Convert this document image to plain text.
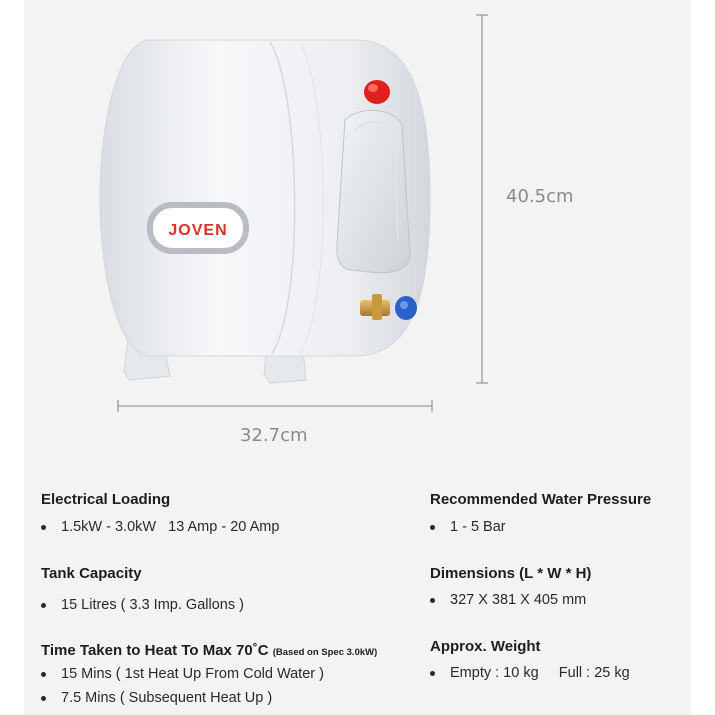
JOVEN
40.5cm
32.7cm

Electrical Loading

1.5kW - 3.0kW   13 Amp - 20 Amp

Tank Capacity

15 Litres ( 3.3 Imp. Gallons )

Time Taken to Heat To Max 70˚C (Based on Spec 3.0kW)

15 Mins ( 1st Heat Up From Cold Water )
7.5 Mins ( Subsequent Heat Up )

Recommended Water Pressure

1 - 5 Bar

Dimensions (L * W * H)

327 X 381 X 405 mm

Approx. Weight

Empty : 10 kg     Full : 25 kg
